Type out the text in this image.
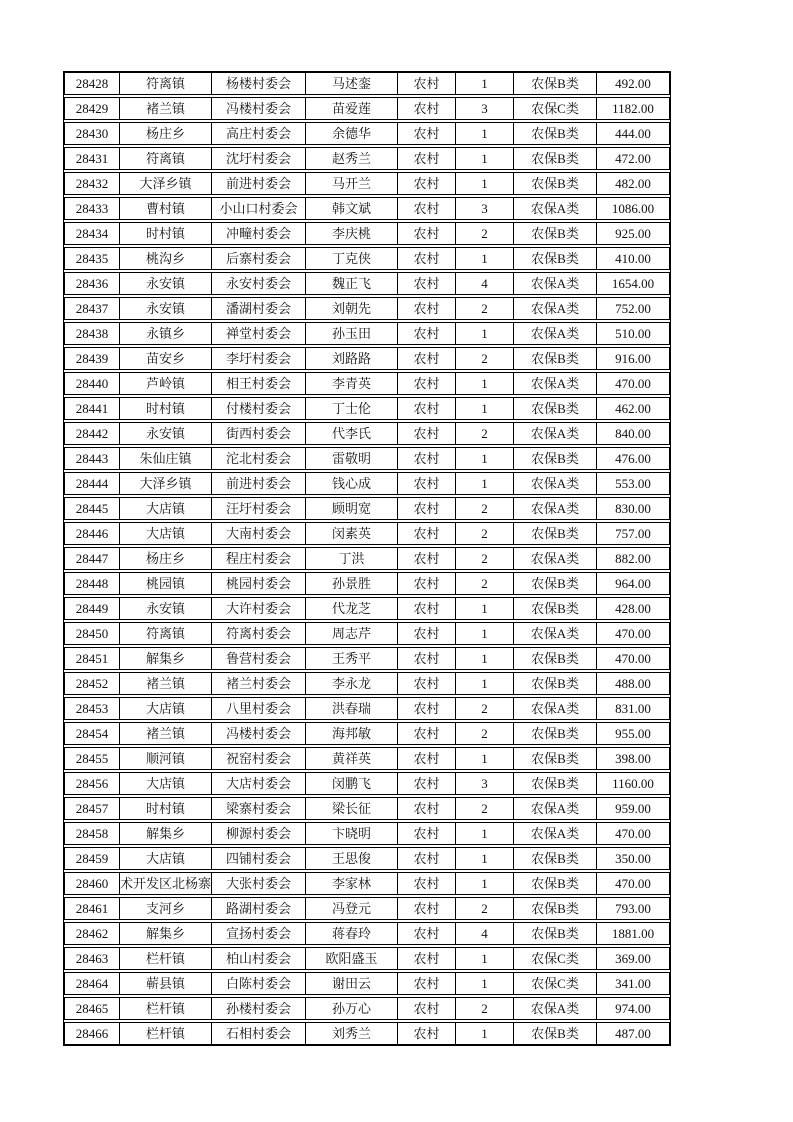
28428	符离镇	杨楼村委会	马述銮	农村	1	农保B类	492.00
28429	褚兰镇	冯楼村委会	苗爱莲	农村	3	农保C类	1182.00
28430	杨庄乡	高庄村委会	余德华	农村	1	农保B类	444.00
28431	符离镇	沈圩村委会	赵秀兰	农村	1	农保B类	472.00
28432	大泽乡镇	前进村委会	马开兰	农村	1	农保B类	482.00
28433	曹村镇	小山口村委会	韩文斌	农村	3	农保A类	1086.00
28434	时村镇	冲疃村委会	李庆桃	农村	2	农保B类	925.00
28435	桃沟乡	后寨村委会	丁克侠	农村	1	农保B类	410.00
28436	永安镇	永安村委会	魏正飞	农村	4	农保A类	1654.00
28437	永安镇	潘湖村委会	刘朝先	农村	2	农保A类	752.00
28438	永镇乡	禅堂村委会	孙玉田	农村	1	农保A类	510.00
28439	苗安乡	李圩村委会	刘路路	农村	2	农保B类	916.00
28440	芦岭镇	相王村委会	李青英	农村	1	农保A类	470.00
28441	时村镇	付楼村委会	丁士伦	农村	1	农保B类	462.00
28442	永安镇	街西村委会	代李氏	农村	2	农保A类	840.00
28443	朱仙庄镇	沱北村委会	雷敬明	农村	1	农保B类	476.00
28444	大泽乡镇	前进村委会	钱心成	农村	1	农保A类	553.00
28445	大店镇	汪圩村委会	顾明宽	农村	2	农保A类	830.00
28446	大店镇	大南村委会	闵素英	农村	2	农保B类	757.00
28447	杨庄乡	程庄村委会	丁洪	农村	2	农保A类	882.00
28448	桃园镇	桃园村委会	孙景胜	农村	2	农保B类	964.00
28449	永安镇	大许村委会	代龙芝	农村	1	农保B类	428.00
28450	符离镇	符离村委会	周志芹	农村	1	农保A类	470.00
28451	解集乡	鲁营村委会	王秀平	农村	1	农保B类	470.00
28452	褚兰镇	褚兰村委会	李永龙	农村	1	农保B类	488.00
28453	大店镇	八里村委会	洪春瑞	农村	2	农保A类	831.00
28454	褚兰镇	冯楼村委会	海邦敏	农村	2	农保B类	955.00
28455	顺河镇	祝窑村委会	黄祥英	农村	1	农保B类	398.00
28456	大店镇	大店村委会	闵鹏飞	农村	3	农保B类	1160.00
28457	时村镇	梁寨村委会	梁长征	农村	2	农保A类	959.00
28458	解集乡	柳源村委会	卞晓明	农村	1	农保A类	470.00
28459	大店镇	四铺村委会	王思俊	农村	1	农保B类	350.00
28460 术开发区北杨寨	大张村委会	李家林	农村	1	农保B类	470.00
28461	支河乡	路湖村委会	冯登元	农村	2	农保B类	793.00
28462	解集乡	宣扬村委会	蒋春玲	农村	4	农保B类	1881.00
28463	栏杆镇	柏山村委会	欧阳盛玉	农村	1	农保C类	369.00
28464	蕲县镇	白陈村委会	谢田云	农村	1	农保C类	341.00
28465	栏杆镇	孙楼村委会	孙万心	农村	2	农保A类	974.00
28466	栏杆镇	石相村委会	刘秀兰	农村	1	农保B类	487.00
